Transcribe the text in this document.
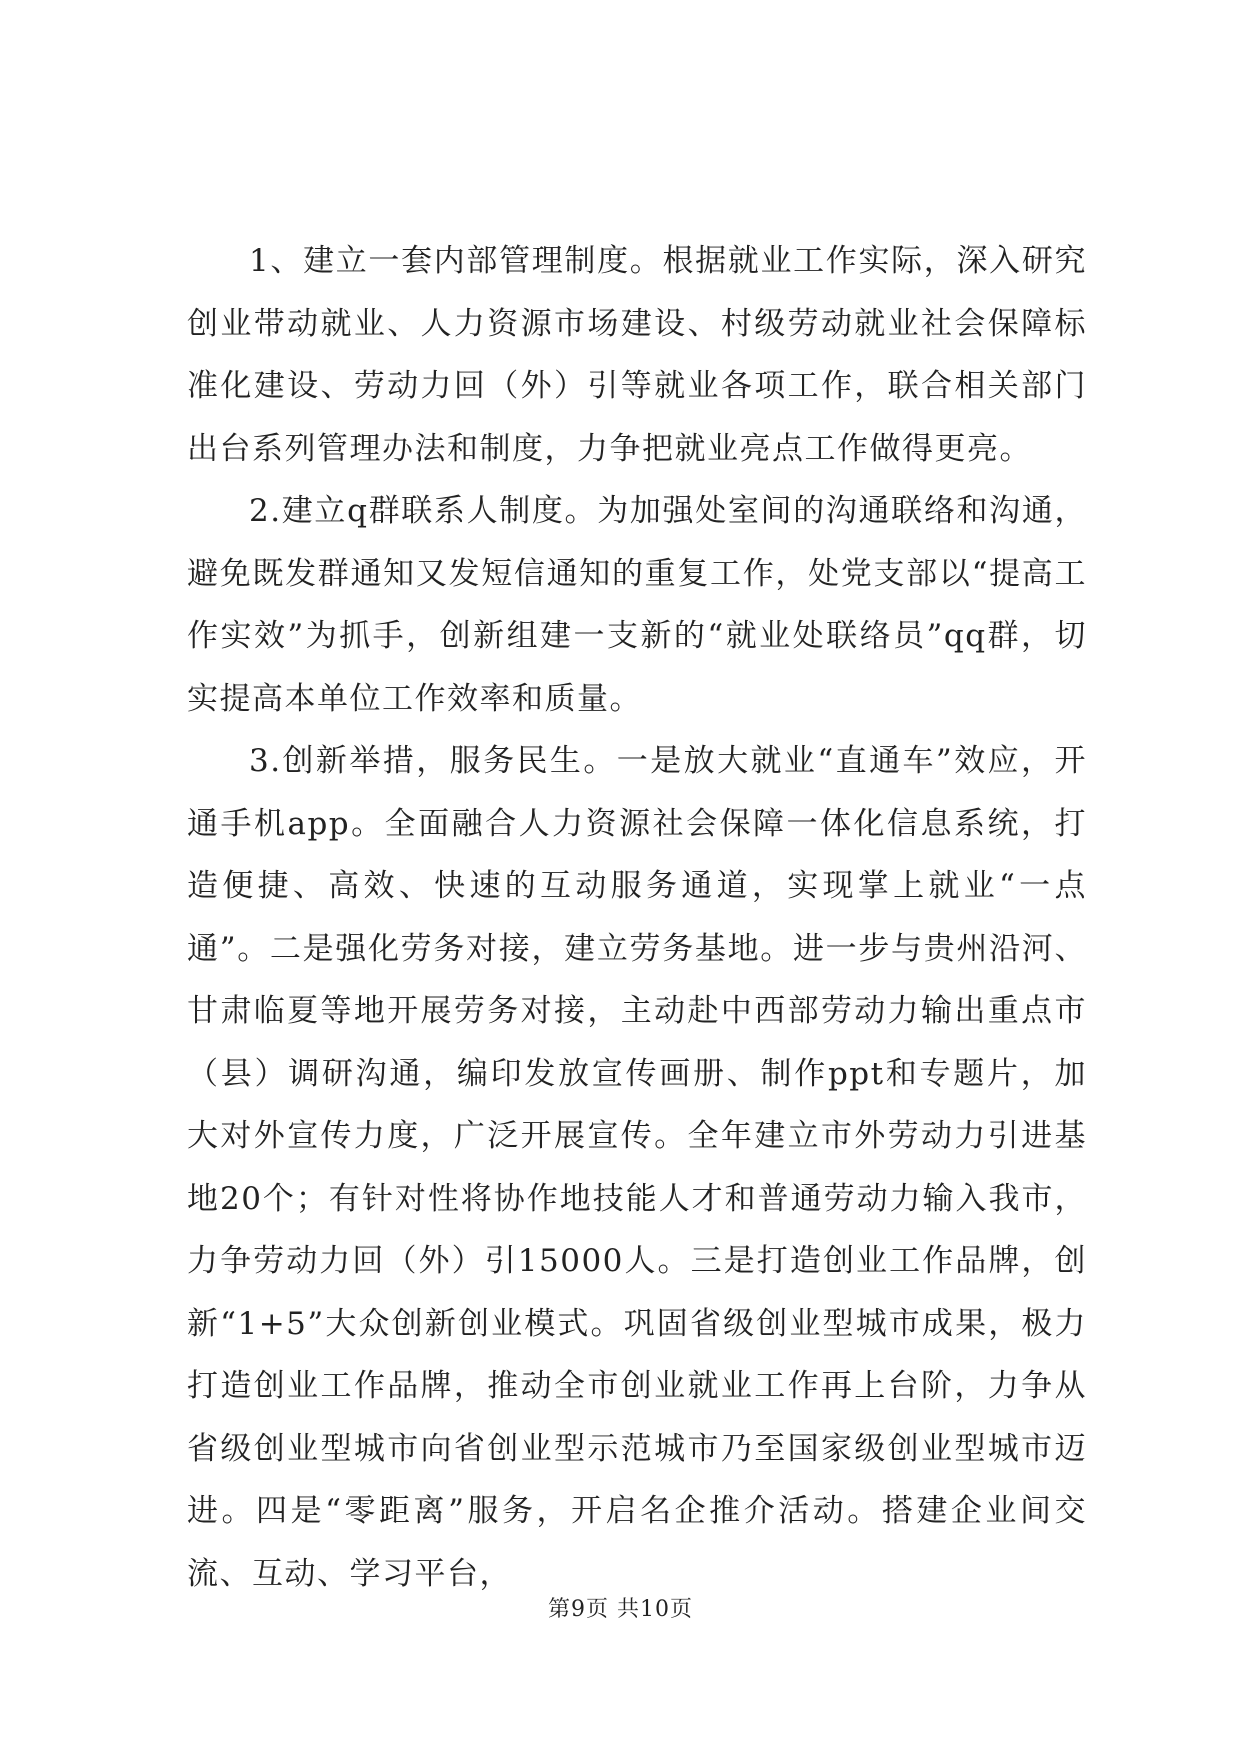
1、建立一套内部管理制度。根据就业工作实际，深入研究创业带动就业、人力资源市场建设、村级劳动就业社会保障标准化建设、劳动力回（外）引等就业各项工作，联合相关部门出台系列管理办法和制度，力争把就业亮点工作做得更亮。

2.建立q群联系人制度。为加强处室间的沟通联络和沟通，避免既发群通知又发短信通知的重复工作，处党支部以“提高工作实效”为抓手，创新组建一支新的“就业处联络员”qq群，切实提高本单位工作效率和质量。

3.创新举措，服务民生。一是放大就业“直通车”效应，开通手机app。全面融合人力资源社会保障一体化信息系统，打造便捷、高效、快速的互动服务通道，实现掌上就业“一点通”。二是强化劳务对接，建立劳务基地。进一步与贵州沿河、甘肃临夏等地开展劳务对接，主动赴中西部劳动力输出重点市（县）调研沟通，编印发放宣传画册、制作ppt和专题片，加大对外宣传力度，广泛开展宣传。全年建立市外劳动力引进基地20个；有针对性将协作地技能人才和普通劳动力输入我市，力争劳动力回（外）引15000人。三是打造创业工作品牌，创新“1+5”大众创新创业模式。巩固省级创业型城市成果，极力打造创业工作品牌，推动全市创业就业工作再上台阶，力争从省级创业型城市向省创业型示范城市乃至国家级创业型城市迈进。四是“零距离”服务，开启名企推介活动。搭建企业间交流、互动、学习平台，

第9页 共10页
